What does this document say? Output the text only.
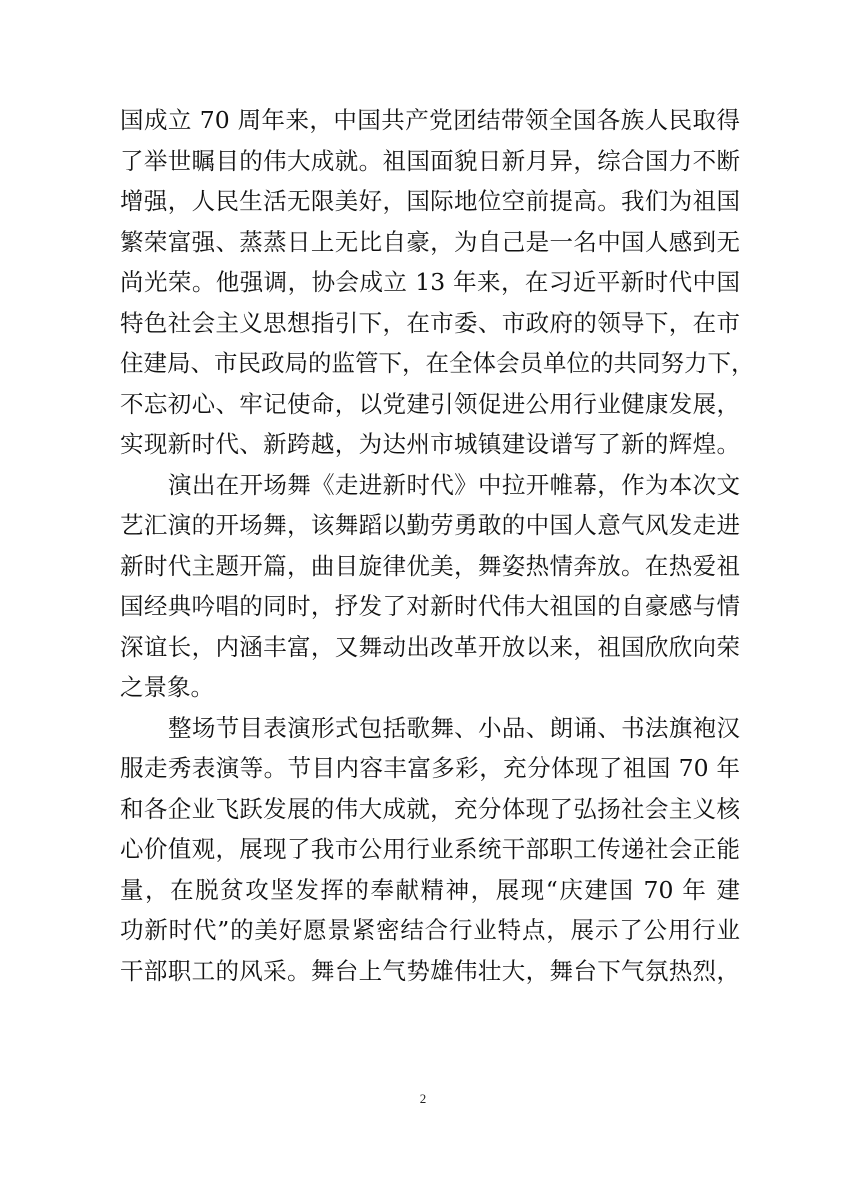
国成立 70 周年来，中国共产党团结带领全国各族人民取得
了举世瞩目的伟大成就。祖国面貌日新月异，综合国力不断
增强，人民生活无限美好，国际地位空前提高。我们为祖国
繁荣富强、蒸蒸日上无比自豪，为自己是一名中国人感到无
尚光荣。他强调，协会成立 13 年来，在习近平新时代中国
特色社会主义思想指引下，在市委、市政府的领导下，在市
住建局、市民政局的监管下，在全体会员单位的共同努力下，
不忘初心、牢记使命，以党建引领促进公用行业健康发展，
实现新时代、新跨越，为达州市城镇建设谱写了新的辉煌。
演出在开场舞《走进新时代》中拉开帷幕，作为本次文
艺汇演的开场舞，该舞蹈以勤劳勇敢的中国人意气风发走进
新时代主题开篇，曲目旋律优美，舞姿热情奔放。在热爱祖
国经典吟唱的同时，抒发了对新时代伟大祖国的自豪感与情
深谊长，内涵丰富，又舞动出改革开放以来，祖国欣欣向荣
之景象。
整场节目表演形式包括歌舞、小品、朗诵、书法旗袍汉
服走秀表演等。节目内容丰富多彩，充分体现了祖国 70 年
和各企业飞跃发展的伟大成就，充分体现了弘扬社会主义核
心价值观，展现了我市公用行业系统干部职工传递社会正能
量，在脱贫攻坚发挥的奉献精神，展现“庆建国 70 年 建
功新时代”的美好愿景紧密结合行业特点，展示了公用行业
干部职工的风采。舞台上气势雄伟壮大，舞台下气氛热烈，
2
